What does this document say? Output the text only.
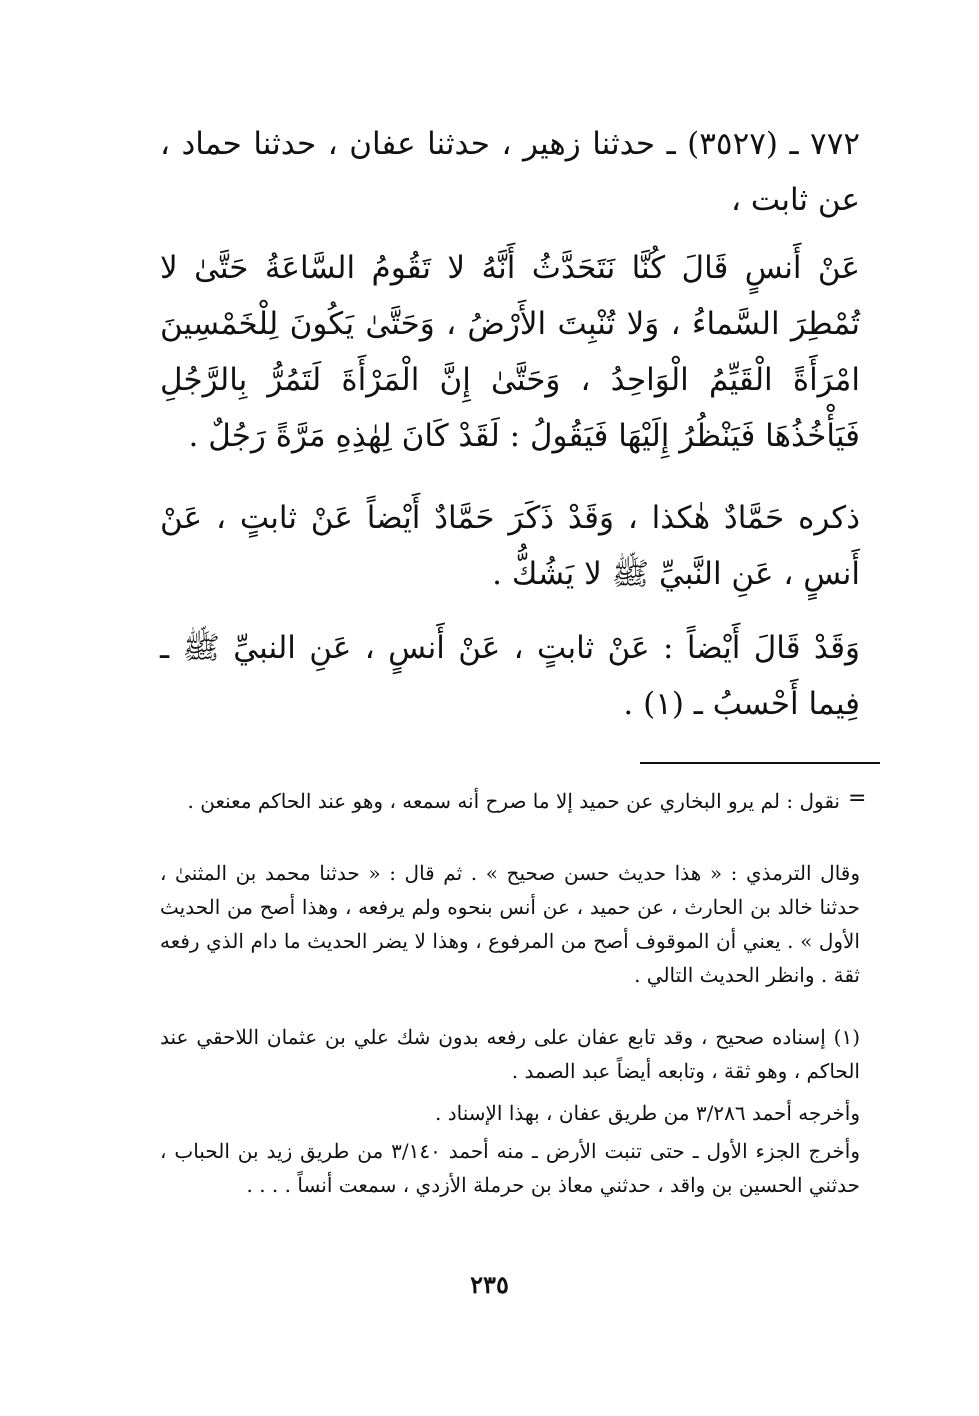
٧٧٢ ـ (٣٥٢٧) ـ حدثنا زهير ، حدثنا عفان ، حدثنا حماد ، عن ثابت ،
عَنْ أَنسٍ قَالَ كُنَّا نَتَحَدَّثُ أَنَّهُ لا تَقُومُ السَّاعَةُ حَتَّىٰ لا تُمْطِرَ السَّماءُ ، وَلا تُنْبِتَ الأَرْضُ ، وَحَتَّىٰ يَكُونَ لِلْخَمْسِينَ امْرَأَةً الْقَيِّمُ الْوَاحِدُ ، وَحَتَّىٰ إِنَّ الْمَرْأَةَ لَتَمُرُّ بِالرَّجُلِ فَيَأْخُذُهَا فَيَنْظُرُ إِلَيْهَا فَيَقُولُ : لَقَدْ كَانَ لِهٰذِهِ مَرَّةً رَجُلٌ .
ذكره حَمَّادٌ هٰكذا ، وَقَدْ ذَكَرَ حَمَّادٌ أَيْضاً عَنْ ثابتٍ ، عَنْ أَنسٍ ، عَنِ النَّبيِّ ﷺ لا يَشُكُّ .
وَقَدْ قَالَ أَيْضاً : عَنْ ثابتٍ ، عَنْ أَنسٍ ، عَنِ النبيِّ ﷺ ـ فِيما أَحْسبُ ـ (١) .
=
نقول : لم يرو البخاري عن حميد إلا ما صرح أنه سمعه ، وهو عند الحاكم معنعن .
وقال الترمذي : « هذا حديث حسن صحيح » . ثم قال : « حدثنا محمد بن المثنىٰ ، حدثنا خالد بن الحارث ، عن حميد ، عن أنس بنحوه ولم يرفعه ، وهذا أصح من الحديث الأول » . يعني أن الموقوف أصح من المرفوع ، وهذا لا يضر الحديث ما دام الذي رفعه ثقة . وانظر الحديث التالي .
(١) إسناده صحيح ، وقد تابع عفان على رفعه بدون شك علي بن عثمان اللاحقي عند الحاكم ، وهو ثقة ، وتابعه أيضاً عبد الصمد .
وأخرجه أحمد ٣/٢٨٦ من طريق عفان ، بهذا الإسناد .
وأخرج الجزء الأول ـ حتى تنبت الأرض ـ منه أحمد ٣/١٤٠ من طريق زيد بن الحباب ، حدثني الحسين بن واقد ، حدثني معاذ بن حرملة الأزدي ، سمعت أنساً . . . .
٢٣٥
